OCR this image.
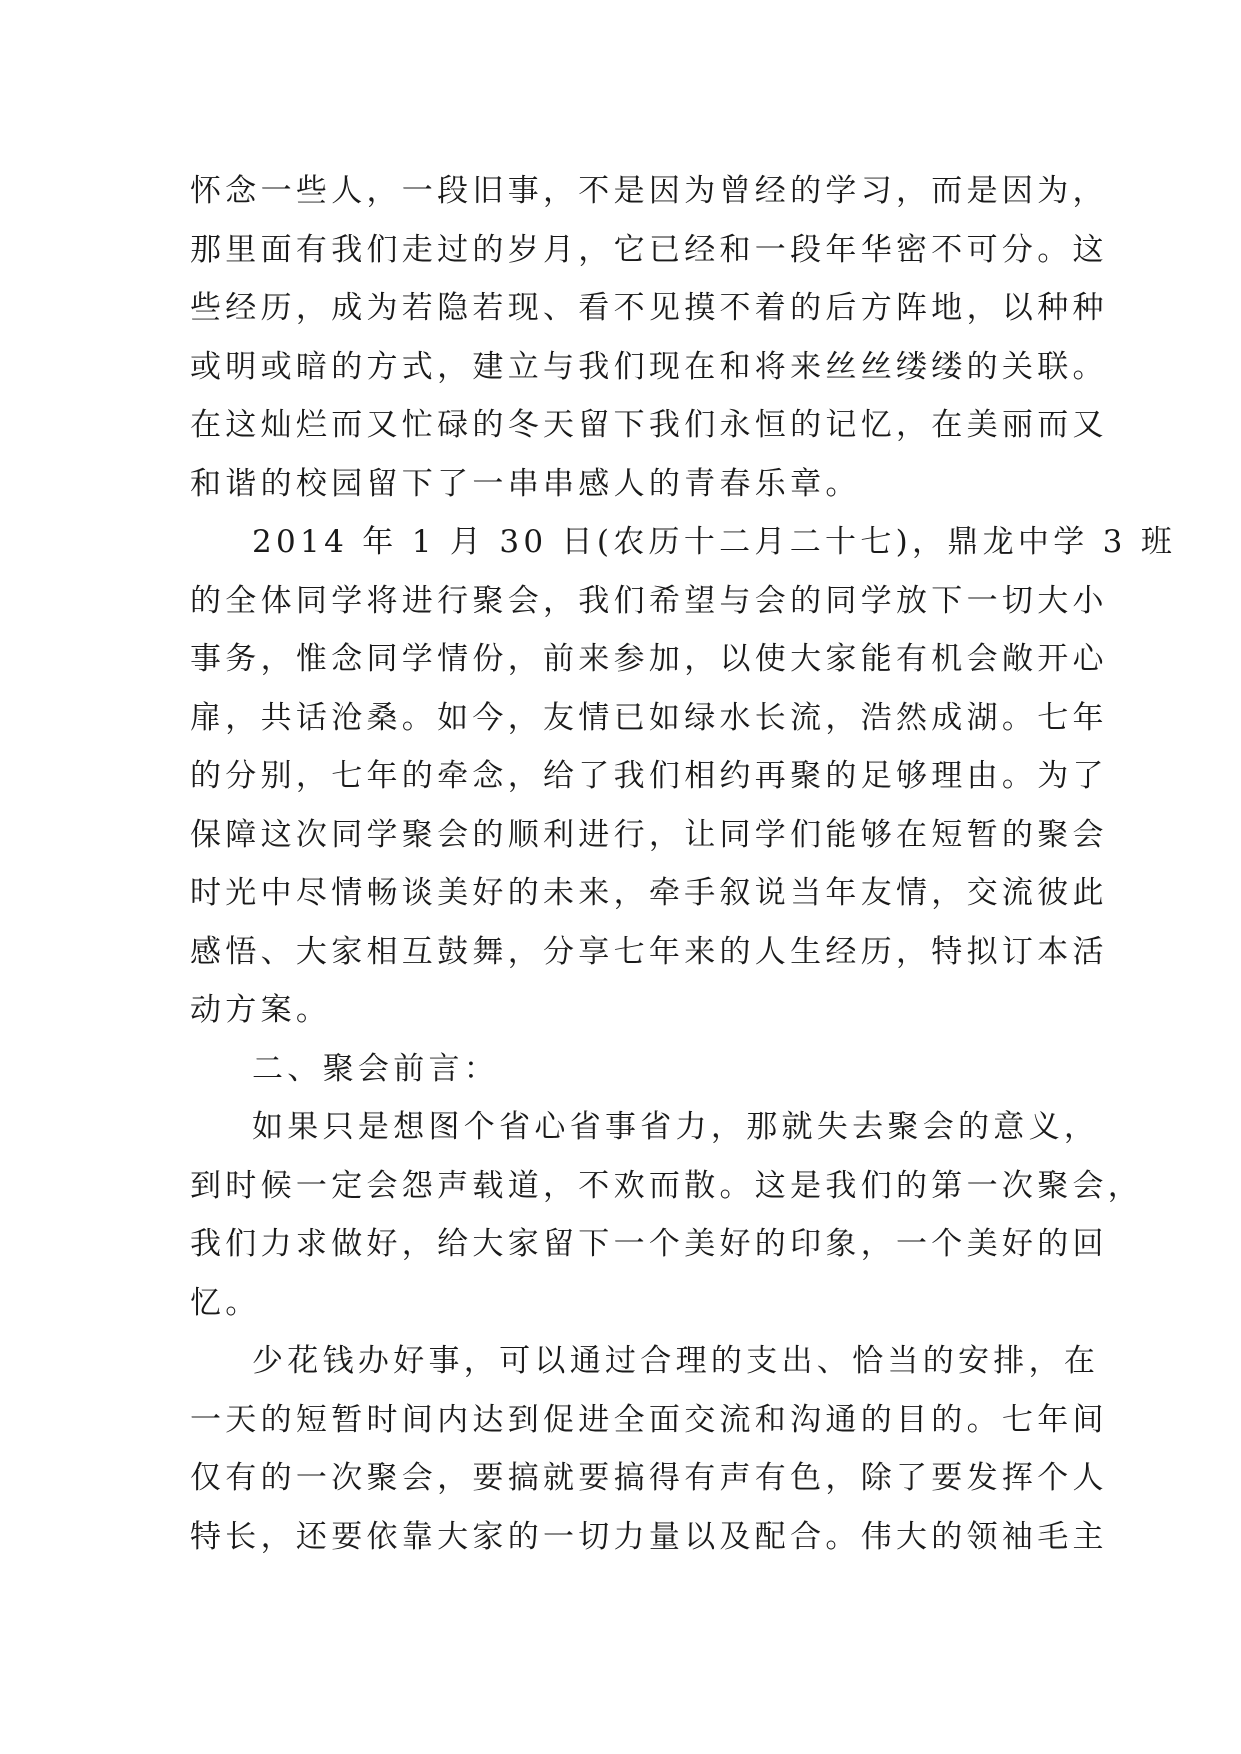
怀念一些人，一段旧事，不是因为曾经的学习，而是因为，
那里面有我们走过的岁月，它已经和一段年华密不可分。这
些经历，成为若隐若现、看不见摸不着的后方阵地，以种种
或明或暗的方式，建立与我们现在和将来丝丝缕缕的关联。
在这灿烂而又忙碌的冬天留下我们永恒的记忆，在美丽而又
和谐的校园留下了一串串感人的青春乐章。
2014 年 1 月 30 日(农历十二月二十七)，鼎龙中学 3 班
的全体同学将进行聚会，我们希望与会的同学放下一切大小
事务，惟念同学情份，前来参加，以使大家能有机会敞开心
扉，共话沧桑。如今，友情已如绿水长流，浩然成湖。七年
的分别，七年的牵念，给了我们相约再聚的足够理由。为了
保障这次同学聚会的顺利进行，让同学们能够在短暂的聚会
时光中尽情畅谈美好的未来，牵手叙说当年友情，交流彼此
感悟、大家相互鼓舞，分享七年来的人生经历，特拟订本活
动方案。
二、聚会前言：
如果只是想图个省心省事省力，那就失去聚会的意义，
到时候一定会怨声载道，不欢而散。这是我们的第一次聚会，
我们力求做好，给大家留下一个美好的印象，一个美好的回
忆。
少花钱办好事，可以通过合理的支出、恰当的安排，在
一天的短暂时间内达到促进全面交流和沟通的目的。七年间
仅有的一次聚会，要搞就要搞得有声有色，除了要发挥个人
特长，还要依靠大家的一切力量以及配合。伟大的领袖毛主
